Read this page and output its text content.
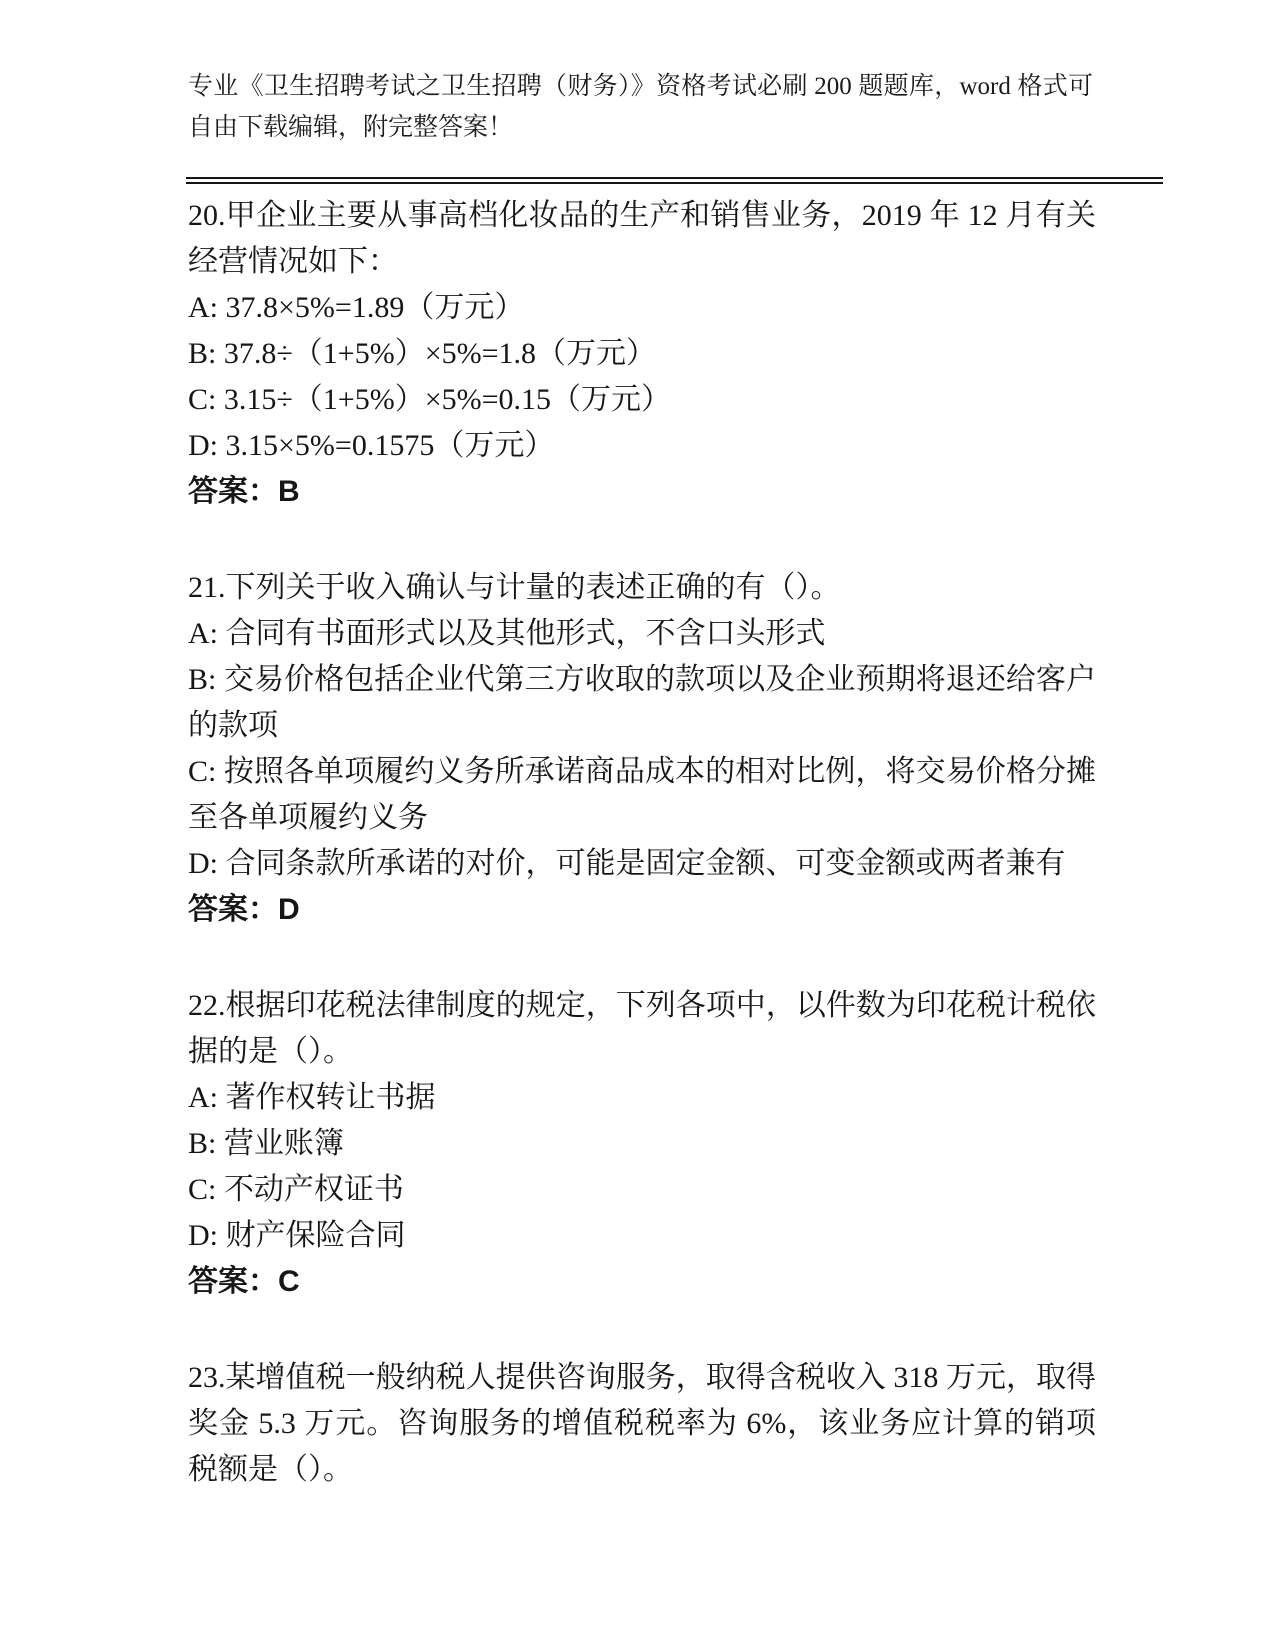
专业《卫生招聘考试之卫生招聘（财务）》资格考试必刷 200 题题库，word 格式可自由下载编辑，附完整答案！

20.甲企业主要从事高档化妆品的生产和销售业务，2019 年 12 月有关经营情况如下：

A: 37.8×5%=1.89（万元）

B: 37.8÷（1+5%）×5%=1.8（万元）

C: 3.15÷（1+5%）×5%=0.15（万元）

D: 3.15×5%=0.1575（万元）

答案：B

21.下列关于收入确认与计量的表述正确的有（）。

A: 合同有书面形式以及其他形式，不含口头形式

B: 交易价格包括企业代第三方收取的款项以及企业预期将退还给客户的款项

C: 按照各单项履约义务所承诺商品成本的相对比例，将交易价格分摊至各单项履约义务

D: 合同条款所承诺的对价，可能是固定金额、可变金额或两者兼有

答案：D

22.根据印花税法律制度的规定，下列各项中，以件数为印花税计税依据的是（）。

A: 著作权转让书据

B: 营业账簿

C: 不动产权证书

D: 财产保险合同

答案：C

23.某增值税一般纳税人提供咨询服务，取得含税收入 318 万元，取得奖金 5.3 万元。咨询服务的增值税税率为 6%，该业务应计算的销项税额是（）。
